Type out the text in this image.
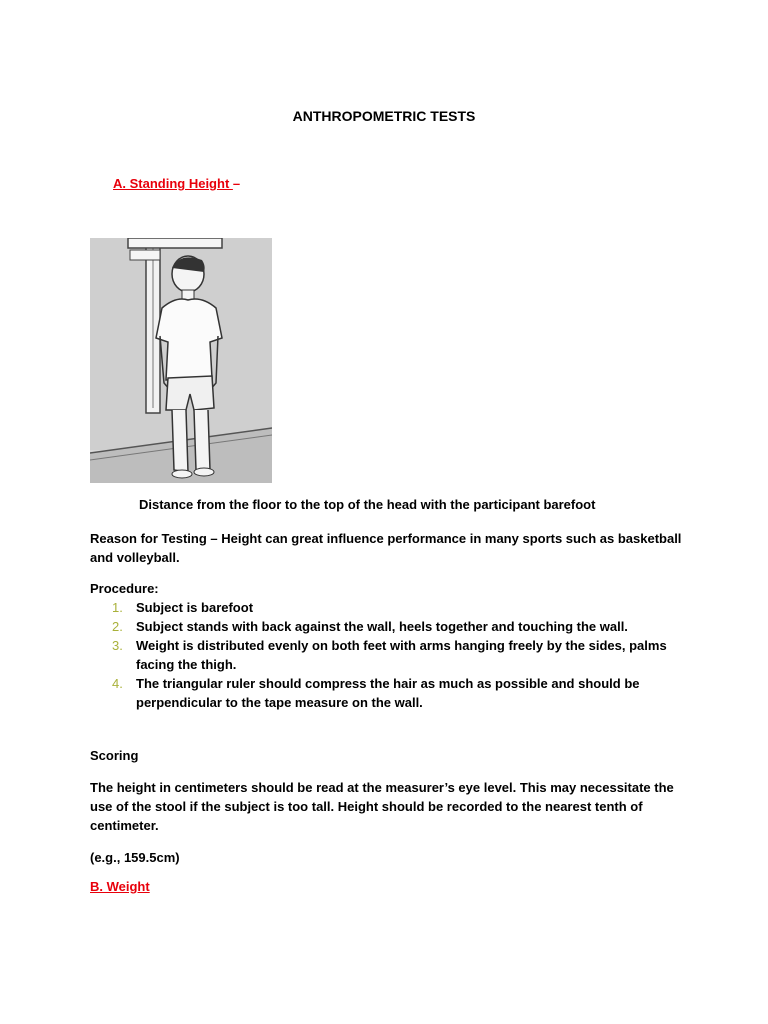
ANTHROPOMETRIC TESTS
A. Standing Height –
Distance from the floor to the top of the head with the participant barefoot
Reason for Testing – Height can great influence performance in many sports such as basketball and volleyball.
Procedure:
1. Subject is barefoot
2. Subject stands with back against the wall, heels together and touching the wall.
3. Weight is distributed evenly on both feet with arms hanging freely by the sides, palms facing the thigh.
4. The triangular ruler should compress the hair as much as possible and should be perpendicular to the tape measure on the wall.
Scoring
The height in centimeters should be read at the measurer’s eye level. This may necessitate the use of the stool if the subject is too tall. Height should be recorded to the nearest tenth of centimeter.
(e.g., 159.5cm)
B. Weight
